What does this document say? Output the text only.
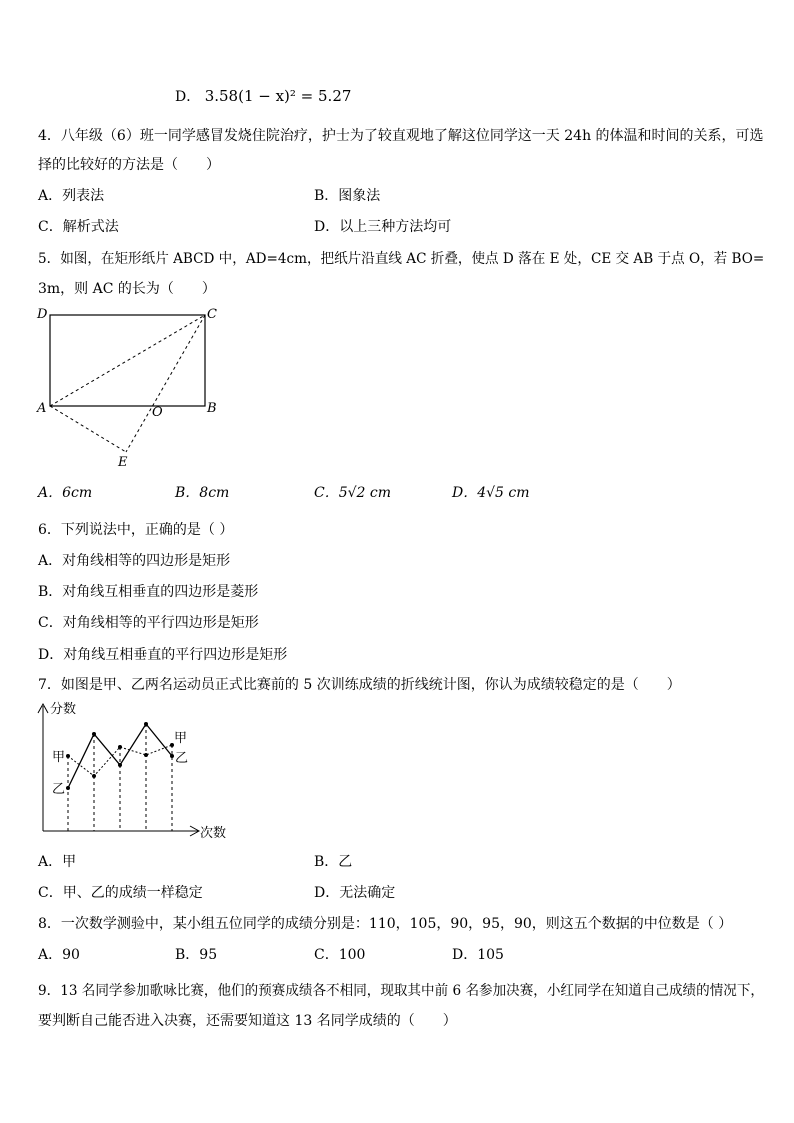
D． 3.58(1 − x)² = 5.27
4．八年级（6）班一同学感冒发烧住院治疗，护士为了较直观地了解这位同学这一天 24h 的体温和时间的关系，可选
择的比较好的方法是（　　）
A．列表法	B．图象法
C．解析式法	D．以上三种方法均可
5．如图，在矩形纸片 ABCD 中，AD=4cm，把纸片沿直线 AC 折叠，使点 D 落在 E 处，CE 交 AB 于点 O，若 BO=
3m，则 AC 的长为（　　）
D	C
A	B
O
E
A．6cm	B．8cm	C．5√2 cm	D．4√5 cm
6．下列说法中，正确的是（ ）
A．对角线相等的四边形是矩形
B．对角线互相垂直的四边形是菱形
C．对角线相等的平行四边形是矩形
D．对角线互相垂直的平行四边形是矩形
7．如图是甲、乙两名运动员正式比赛前的 5 次训练成绩的折线统计图，你认为成绩较稳定的是（　　）
分数
次数
甲
乙
甲
乙
A．甲	B．乙
C．甲、乙的成绩一样稳定	D．无法确定
8．一次数学测验中，某小组五位同学的成绩分别是：110，105，90，95，90，则这五个数据的中位数是（ ）
A．90	B．95	C．100	D．105
9．13 名同学参加歌咏比赛，他们的预赛成绩各不相同，现取其中前 6 名参加决赛，小红同学在知道自己成绩的情况下，
要判断自己能否进入决赛，还需要知道这 13 名同学成绩的（　　）
